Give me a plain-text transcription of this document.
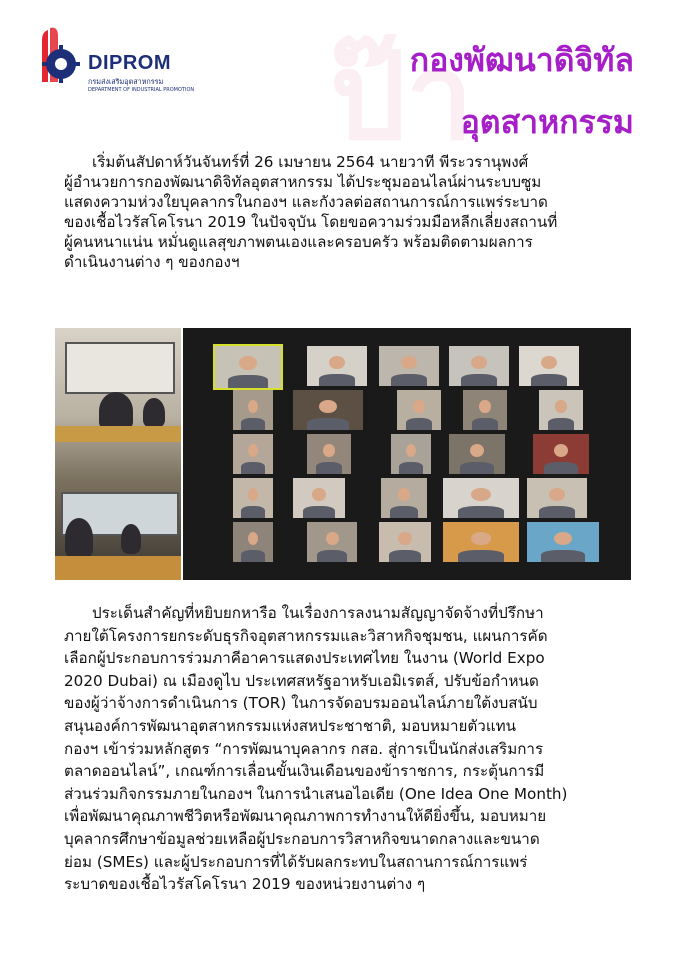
ป๊า
DIPROM
กรมส่งเสริมอุตสาหกรรม
DEPARTMENT OF INDUSTRIAL PROMOTION
กองพัฒนาดิจิทัล
อุตสาหกรรม
เริ่มต้นสัปดาห์วันจันทร์ที่ 26 เมษายน 2564 นายวาที พีระวรานุพงศ์
ผู้อำนวยการกองพัฒนาดิจิทัลอุตสาหกรรม ได้ประชุมออนไลน์ผ่านระบบซูม
แสดงความห่วงใยบุคลากรในกองฯ และกังวลต่อสถานการณ์การแพร่ระบาด
ของเชื้อไวรัสโคโรนา 2019 ในปัจจุบัน โดยขอความร่วมมือหลีกเลี่ยงสถานที่
ผู้คนหนาแน่น หมั่นดูแลสุขภาพตนเองและครอบครัว พร้อมติดตามผลการ
ดำเนินงานต่าง ๆ ของกองฯ
ประเด็นสำคัญที่หยิบยกหารือ ในเรื่องการลงนามสัญญาจัดจ้างที่ปรึกษา
ภายใต้โครงการยกระดับธุรกิจอุตสาหกรรมและวิสาหกิจชุมชน, แผนการคัด
เลือกผู้ประกอบการร่วมภาคีอาคารแสดงประเทศไทย ในงาน (World Expo
2020 Dubai) ณ เมืองดูไบ ประเทศสหรัฐอาหรับเอมิเรตส์, ปรับข้อกำหนด
ของผู้ว่าจ้างการดำเนินการ (TOR) ในการจัดอบรมออนไลน์ภายใต้งบสนับ
สนุนองค์การพัฒนาอุตสาหกรรมแห่งสหประชาชาติ, มอบหมายตัวแทน
กองฯ เข้าร่วมหลักสูตร “การพัฒนาบุคลากร กสอ. สู่การเป็นนักส่งเสริมการ
ตลาดออนไลน์”, เกณฑ์การเลื่อนขั้นเงินเดือนของข้าราชการ, กระตุ้นการมี
ส่วนร่วมกิจกรรมภายในกองฯ ในการนำเสนอไอเดีย (One Idea One Month)
เพื่อพัฒนาคุณภาพชีวิตหรือพัฒนาคุณภาพการทำงานให้ดียิ่งขึ้น, มอบหมาย
บุคลากรศึกษาข้อมูลช่วยเหลือผู้ประกอบการวิสาหกิจขนาดกลางและขนาด
ย่อม (SMEs) และผู้ประกอบการที่ได้รับผลกระทบในสถานการณ์การแพร่
ระบาดของเชื้อไวรัสโคโรนา 2019 ของหน่วยงานต่าง ๆ
